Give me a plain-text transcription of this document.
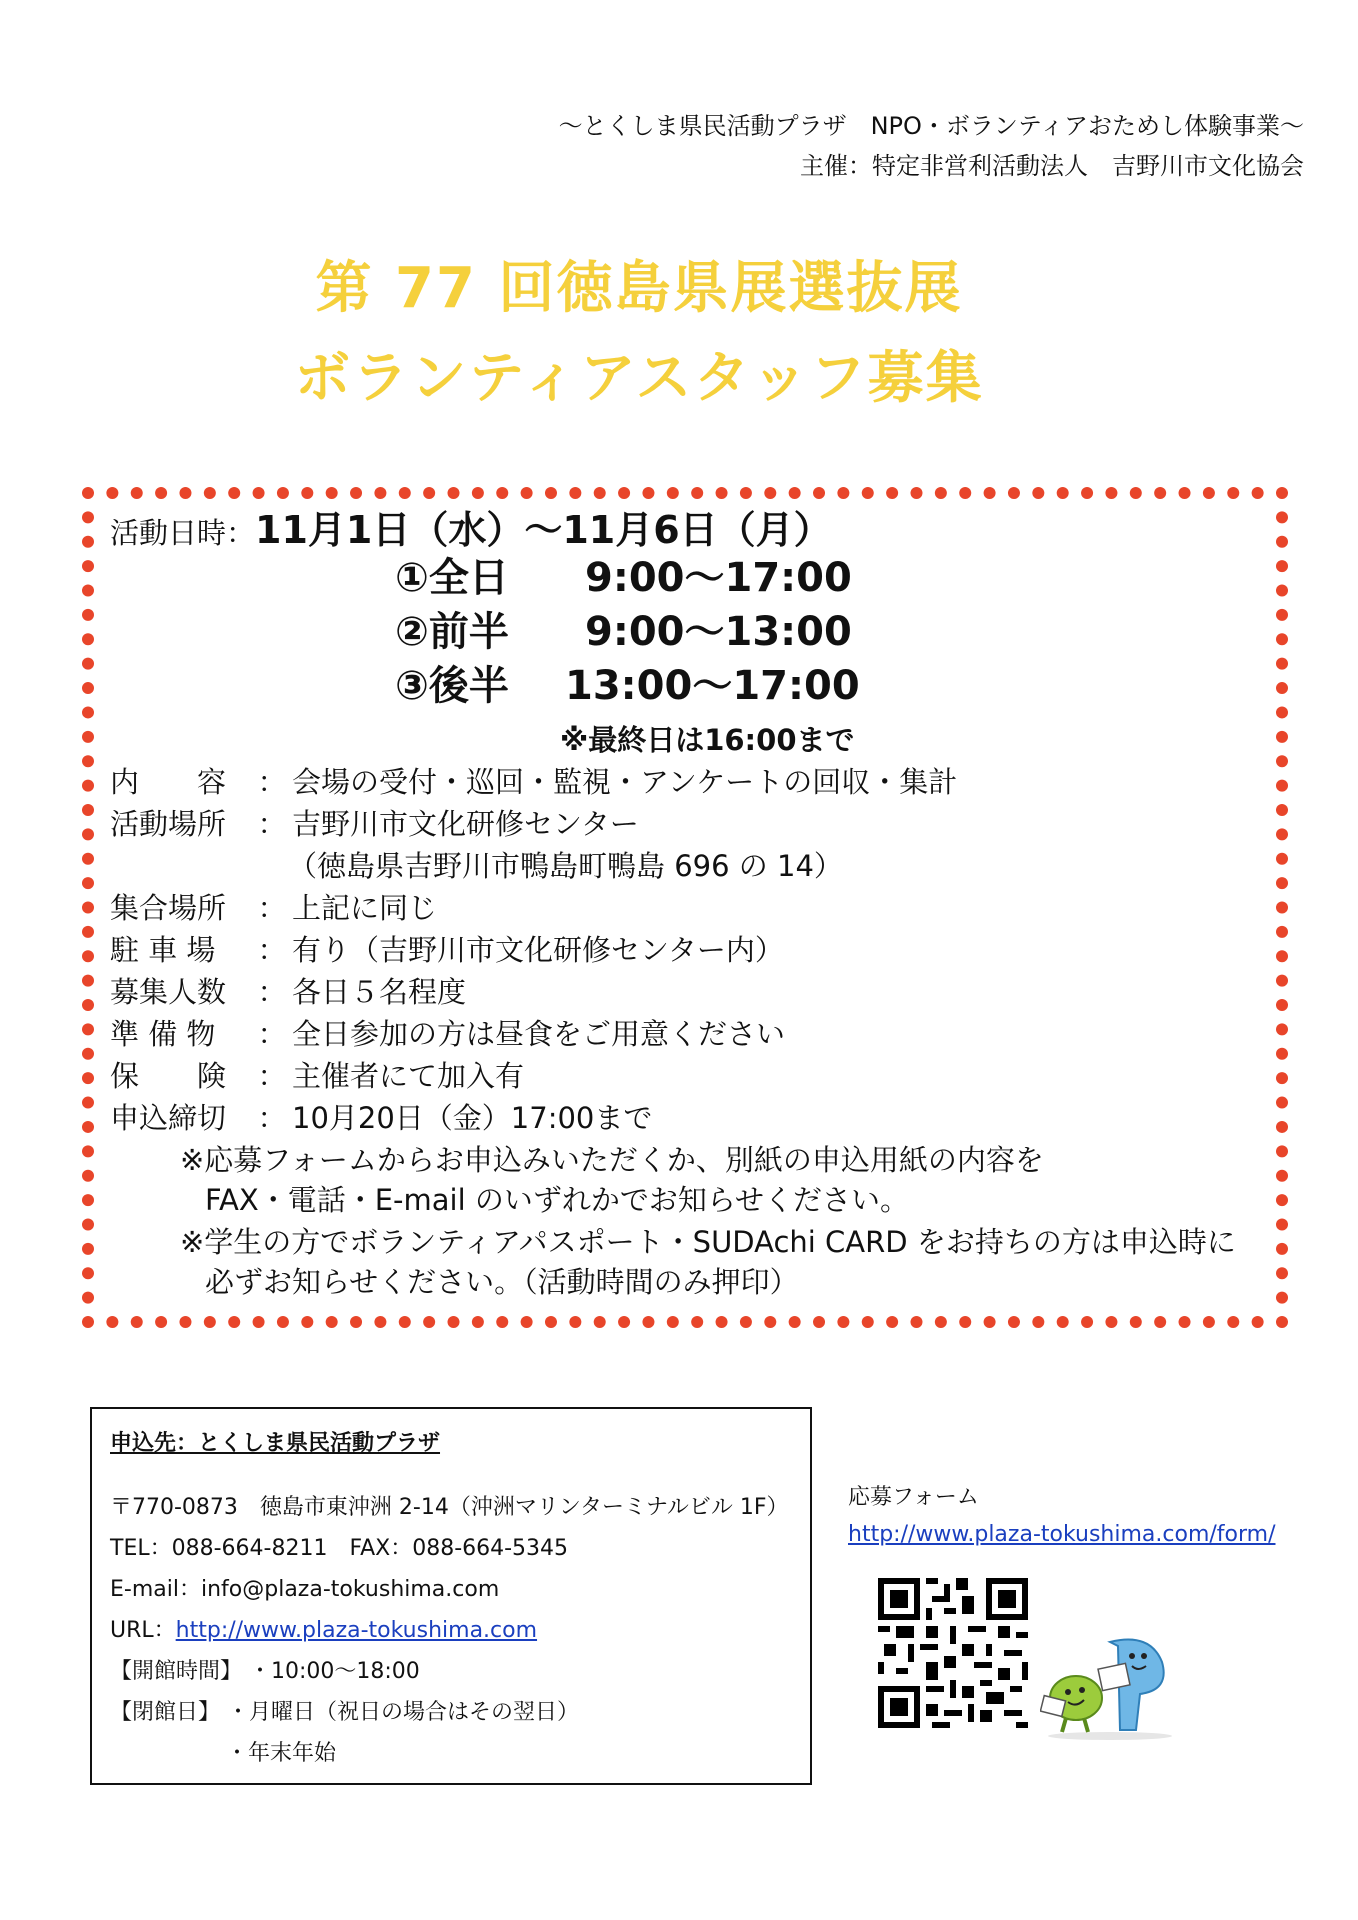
～とくしま県民活動プラザ　NPO・ボランティアおためし体験事業～
主催：特定非営利活動法人　吉野川市文化協会
第 77 回徳島県展選抜展
ボランティアスタッフ募集
活動日時：11月1日（水）～11月6日（月）
①全日 9:00～17:00
②前半 9:00～13:00
③後半 13:00～17:00
※最終日は16:00まで
内　　容 ： 会場の受付・巡回・監視・アンケートの回収・集計
活動場所 ： 吉野川市文化研修センター
（徳島県吉野川市鴨島町鴨島 696 の 14）
集合場所 ： 上記に同じ
駐 車 場 ： 有り（吉野川市文化研修センター内）
募集人数 ： 各日５名程度
準 備 物 ： 全日参加の方は昼食をご用意ください
保　　険 ： 主催者にて加入有
申込締切 ： 10月20日（金）17:00まで
※応募フォームからお申込みいただくか、別紙の申込用紙の内容を
FAX・電話・E-mail のいずれかでお知らせください。
※学生の方でボランティアパスポート・SUDAchi CARD をお持ちの方は申込時に
必ずお知らせください。（活動時間のみ押印）
申込先：とくしま県民活動プラザ
〒770-0873　徳島市東沖洲 2-14（沖洲マリンターミナルビル 1F）
TEL：088-664-8211　FAX：088-664-5345
E-mail：info@plaza-tokushima.com
URL：http://www.plaza-tokushima.com
【開館時間】 ・10:00～18:00
【閉館日】 ・月曜日（祝日の場合はその翌日）
・年末年始
応募フォーム
http://www.plaza-tokushima.com/form/
